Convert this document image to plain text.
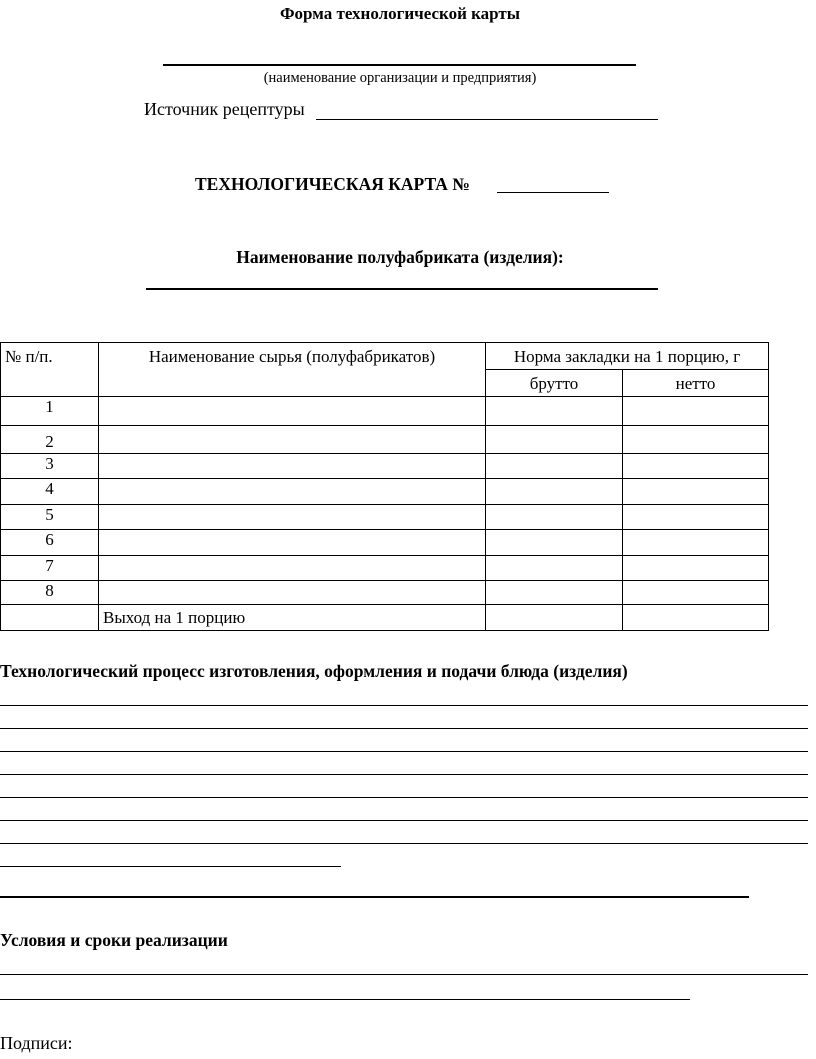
Форма технологической карты
(наименование организации и предприятия)
Источник рецептуры
ТЕХНОЛОГИЧЕСКАЯ КАРТА №
Наименование полуфабриката (изделия):
№ п/п.	Наименование сырья (полуфабрикатов)	Норма закладки на 1 порцию, г	
		брутто	нетто
1			
2			
3			
4			
5			
6			
7			
8			
	Выход на 1 порцию		
Технологический процесс изготовления, оформления и подачи блюда (изделия)
Условия и сроки реализации
Подписи:
